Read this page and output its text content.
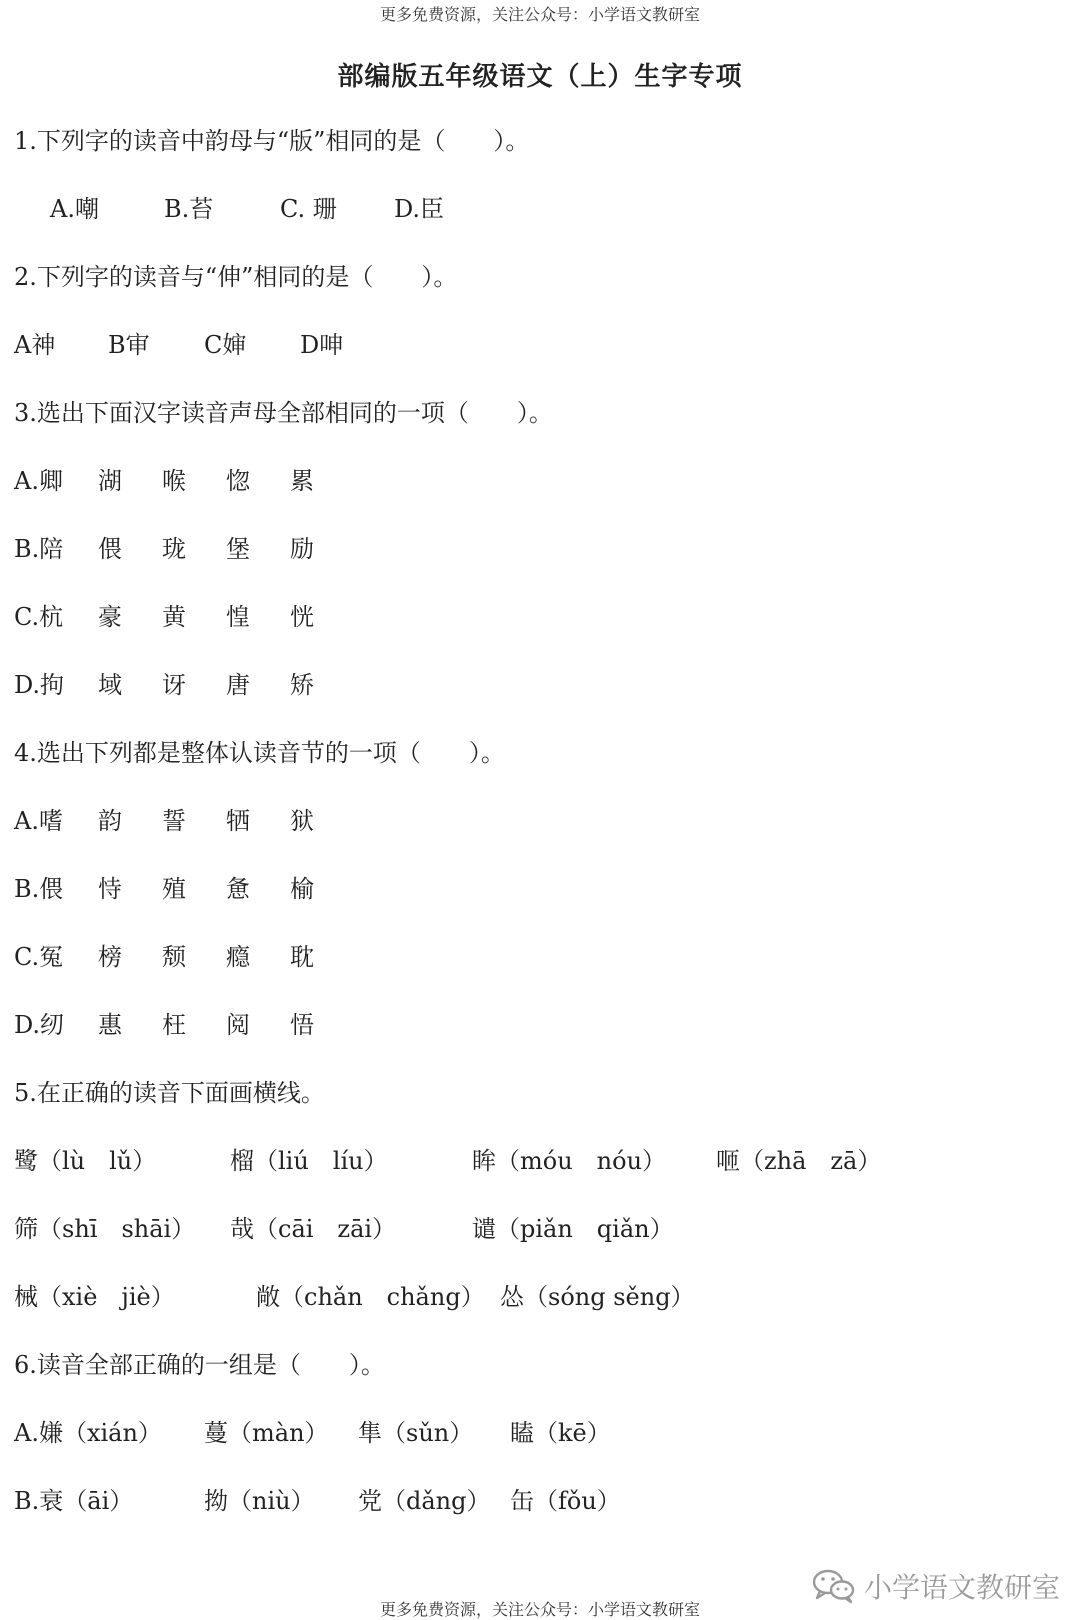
更多免费资源，关注公众号：小学语文教研室
部编版五年级语文（上）生字专项
1.下列字的读音中韵母与“版”相同的是（　　）。
A.嘲	B.苔	C. 珊 D.臣
2.下列字的读音与“伸”相同的是（　　）。
A神 B审 C婶 D呻
3.选出下面汉字读音声母全部相同的一项（　　）。
A.卿 湖 喉 惚 累
B.陪 偎 珑 堡 励
C.杭 豪 黄 惶 恍
D.拘 域 讶 唐 矫
4.选出下列都是整体认读音节的一项（　　）。
A.嗜 韵 誓 牺 狱
B.偎 恃 殖 惫 榆
C.冤 榜 颓 瘾 耽
D.纫 惠 枉 阅 悟
5.在正确的读音下面画横线。
鹭（lù　lǔ）	榴（liú　líu）	眸（móu　nóu） 咂（zhā　zā）
筛（shī　shāi） 哉（cāi　zāi）	谴（piǎn　qiǎn）
械（xiè　jiè）	敞（chǎn　chǎng） 怂（sóng sěng）
6.读音全部正确的一组是（　　）。
A.嫌（xián） 蔓（màn） 隼（sǔn） 瞌（kē）
B.衰（āi）	拗（niù） 党（dǎng） 缶（fǒu）
小学语文教研室
更多免费资源，关注公众号：小学语文教研室
